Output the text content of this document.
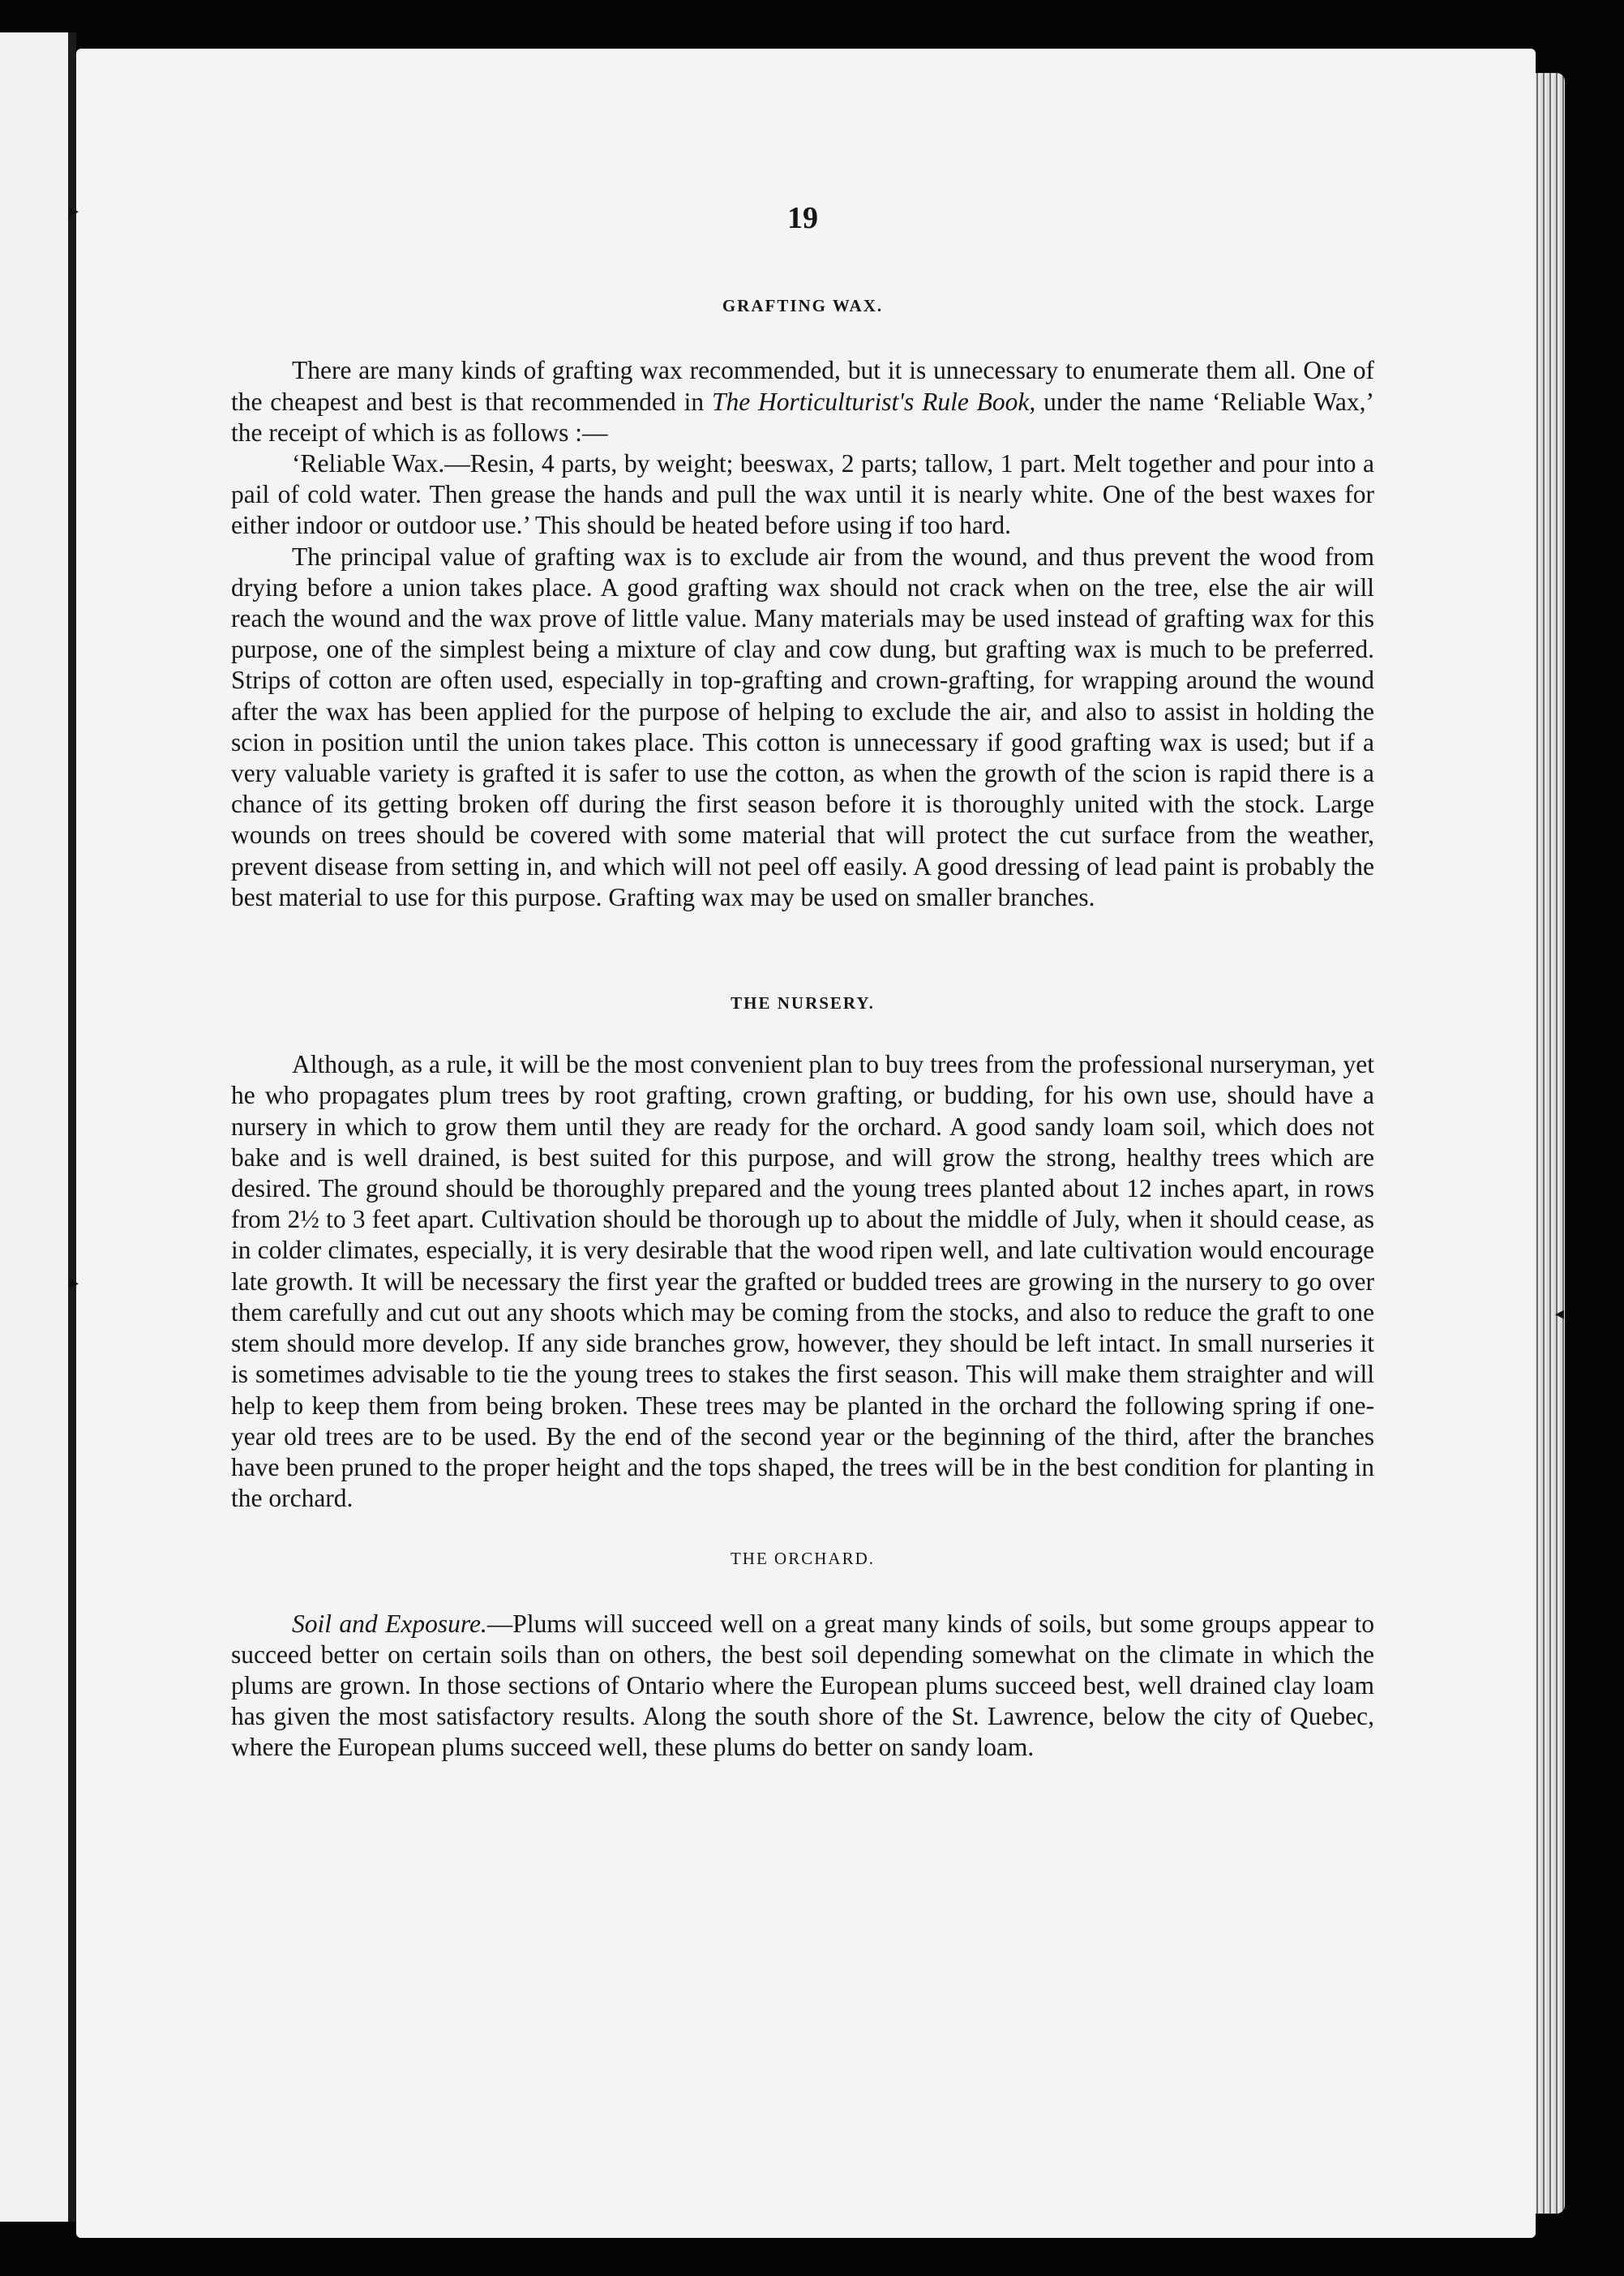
▸
▸
◂
19
GRAFTING WAX.

There are many kinds of grafting wax recommended, but it is unnecessary to enumerate them all. One of the cheapest and best is that recommended in The Horticulturist's Rule Book, under the name ‘Reliable Wax,’ the receipt of which is as follows :—

‘Reliable Wax.—Resin, 4 parts, by weight; beeswax, 2 parts; tallow, 1 part. Melt together and pour into a pail of cold water. Then grease the hands and pull the wax until it is nearly white. One of the best waxes for either indoor or outdoor use.’ This should be heated before using if too hard.

The principal value of grafting wax is to exclude air from the wound, and thus prevent the wood from drying before a union takes place. A good grafting wax should not crack when on the tree, else the air will reach the wound and the wax prove of little value. Many materials may be used instead of grafting wax for this purpose, one of the simplest being a mixture of clay and cow dung, but grafting wax is much to be preferred. Strips of cotton are often used, especially in top-grafting and crown-grafting, for wrapping around the wound after the wax has been applied for the purpose of helping to exclude the air, and also to assist in holding the scion in position until the union takes place. This cotton is unnecessary if good grafting wax is used; but if a very valuable variety is grafted it is safer to use the cotton, as when the growth of the scion is rapid there is a chance of its getting broken off during the first season before it is thoroughly united with the stock. Large wounds on trees should be covered with some material that will protect the cut surface from the weather, prevent disease from setting in, and which will not peel off easily. A good dressing of lead paint is probably the best material to use for this purpose. Grafting wax may be used on smaller branches.

THE NURSERY.

Although, as a rule, it will be the most convenient plan to buy trees from the professional nurseryman, yet he who propagates plum trees by root grafting, crown grafting, or budding, for his own use, should have a nursery in which to grow them until they are ready for the orchard. A good sandy loam soil, which does not bake and is well drained, is best suited for this purpose, and will grow the strong, healthy trees which are desired. The ground should be thoroughly prepared and the young trees planted about 12 inches apart, in rows from 2½ to 3 feet apart. Cultivation should be thorough up to about the middle of July, when it should cease, as in colder climates, especially, it is very desirable that the wood ripen well, and late cultivation would encourage late growth. It will be necessary the first year the grafted or budded trees are growing in the nursery to go over them carefully and cut out any shoots which may be coming from the stocks, and also to reduce the graft to one stem should more develop. If any side branches grow, however, they should be left intact. In small nurseries it is sometimes advisable to tie the young trees to stakes the first season. This will make them straighter and will help to keep them from being broken. These trees may be planted in the orchard the following spring if one-year old trees are to be used. By the end of the second year or the beginning of the third, after the branches have been pruned to the proper height and the tops shaped, the trees will be in the best condition for planting in the orchard.

THE ORCHARD.

Soil and Exposure.—Plums will succeed well on a great many kinds of soils, but some groups appear to succeed better on certain soils than on others, the best soil depending somewhat on the climate in which the plums are grown. In those sections of Ontario where the European plums succeed best, well drained clay loam has given the most satisfactory results. Along the south shore of the St. Lawrence, below the city of Quebec, where the European plums succeed well, these plums do better on sandy loam.
